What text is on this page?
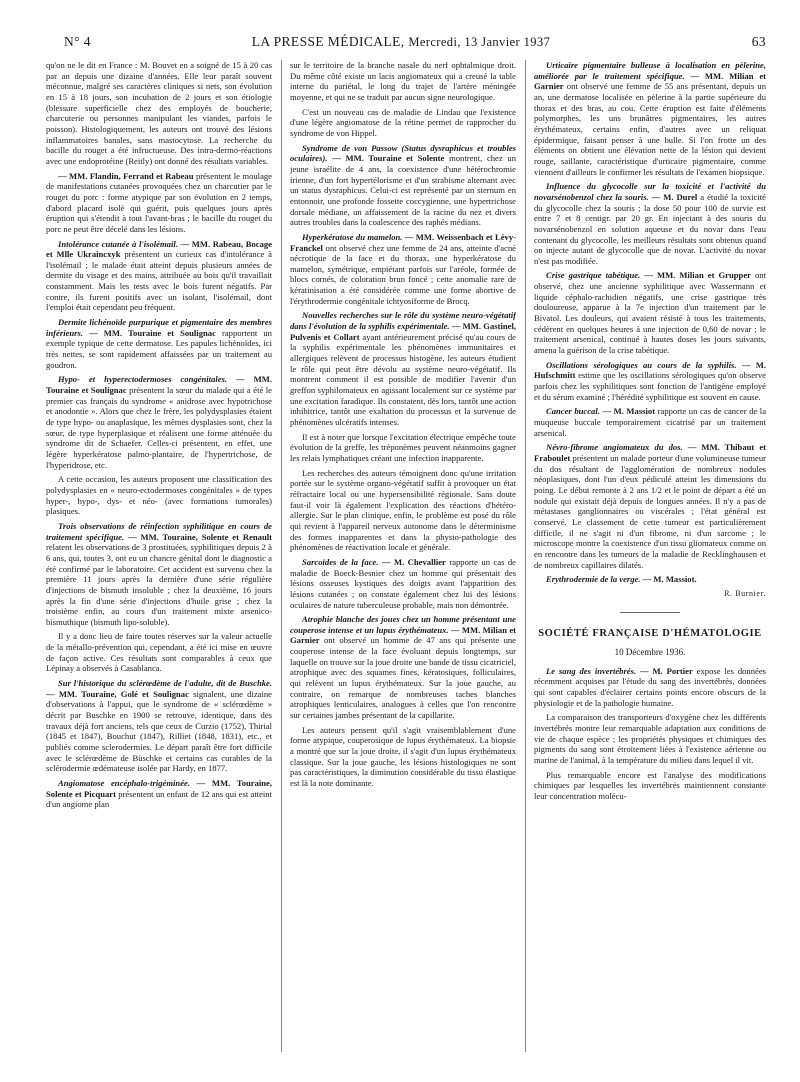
N° 4	LA PRESSE MÉDICALE, Mercredi, 13 Janvier 1937	63

qu'on ne le dit en France : M. Bouvet en a soigné de 15 à 20 cas par an depuis une dizaine d'années. Elle leur paraît souvent méconnue, malgré ses caractères cliniques si nets, son évolution en 15 à 18 jours, son incubation de 2 jours et son étiologie (blessure superficielle chez des employés de boucherie, charcuterie ou personnes manipulant les viandes, parfois le poisson). Histologiquement, les auteurs ont trouvé des lésions inflammatoires banales, sans mastocytose. La recherche du bacille du rouget a été infructueuse. Des intra-dermo-réactions avec une endoprotéine (Reitly) ont donné des résultats variables.

— MM. Flandin, Ferrand et Rabeau présentent le moulage de manifestations cutanées provoquées chez un charcutier par le rouget du porc : forme atypique par son évolution en 2 temps, d'abord placard isolé qui guérit, puis quelques jours après éruption qui s'étendit à tout l'avant-bras ; le bacille du rouget du porc ne peut être décelé dans les lésions.

Intolérance cutanée à l'isolémail. — MM. Rabeau, Bocage et Mlle Ukraincxyk présentent un curieux cas d'intolérance à l'isolémail ; le malade était atteint depuis plusieurs années de dermite du visage et des mains, attribuée au bois qu'il travaillait constamment. Mais les tests avec le bois furent négatifs. Par contre, ils furent positifs avec un isolant, l'isolémail, dont l'emploi était cependant peu fréquent.

Dermite lichénoïde purpurique et pigmentaire des membres inférieurs. — MM. Touraine et Soulignac rapportent un exemple typique de cette dermatose. Les papules lichénoïdes, ici très nettes, se sont rapidement affaissées par un traitement au goudron.

Hypo- et hyperectodermoses congénitales. — MM. Touraine et Soulignac présentent la sœur du malade qui a été le premier cas français du syndrome « anidrose avec hypotrichose et anodontie ». Alors que chez le frère, les polydysplasies étaient de type hypo- ou anaplasique, les mêmes dysplasies sont, chez la sœur, de type hyperplasique et réalisent une forme atténuée du syndrome dit de Schaefer. Celles-ci présentent, en effet, une légère hyperkératose palmo-plantaire, de l'hypertrichose, de l'hyperidrose, etc.

A cette occasion, les auteurs proposent une classification des polydysplasies en « neuro-ectodermoses congénitales » de types hyper-, hypo-, dys- et néo- (avec formations tumorales) plasiques.

Trois observations de réinfection syphilitique en cours de traitement spécifique. — MM. Touraine, Solente et Renault relatent les observations de 3 prostituées, syphilitiques depuis 2 à 6 ans, qui, toutes 3, ont eu un chancre génital dont le diagnostic a été confirmé par le laboratoire. Cet accident est survenu chez la première 11 jours après la dernière d'une série régulière d'injections de bismuth insoluble ; chez la deuxième, 16 jours après la fin d'une série d'injections d'huile grise ; chez la troisième enfin, au cours d'un traitement mixte arsenico-bismuthique (bismuth lipo-soluble).

Il y a donc lieu de faire toutes réserves sur la valeur actuelle de la métallo-prévention qui, cependant, a été ici mise en œuvre de façon active. Ces résultats sont comparables à ceux que Lépinay a observés à Casablanca.

Sur l'historique du sclérœdème de l'adulte, dit de Buschke. — MM. Touraine, Golé et Soulignac signalent, une dizaine d'observations à l'appui, que le syndrome de « sclérœdème » décrit par Buschke en 1900 se retrouve, identique, dans des travaux déjà fort anciens, tels que ceux de Curzio (1752), Thirial (1845 et 1847), Bouchut (1847), Rilliet (1848, 1831), etc., et publiés comme sclerodermies. Le départ paraît être fort difficile avec le sclérœdème de Büschke et certains cas curables de la sclérodermie œdémateuse isolée par Hardy, en 1877.

Angiomatose encéphalo-trigéminée. — MM. Touraine, Solente et Picquart présentent un enfant de 12 ans qui est atteint d'un angiome plan

sur le territoire de la branche nasale du nerf ophtalmique droit. Du même côté existe un lacis angiomateux qui a creusé la table interne du pariétal, le long du trajet de l'artère méningée moyenne, et qui ne se traduit par aucun signe neurologique.

C'est un nouveau cas de maladie de Lindau que l'existence d'une légère angiomatose de la rétine permet de rapprocher du syndrome de von Hippel.

Syndrome de von Passow (Status dysraphicus et troubles oculaires). — MM. Touraine et Solente montrent, chez un jeune israélite de 4 ans, la coexistence d'une hétérochromie irienne, d'un fort hypertélorisme et d'un strabisme alternant avec un status dysraphicus. Celui-ci est représenté par un sternum en entonnoir, une profonde fossette coccygienne, une hypertrichose dorsale médiane, un affaissement de la racine du nez et divers autres troubles dans la coalescence des raphés médians.

Hyperkératose du mamelon. — MM. Weissenbach et Lévy-Franckel ont observé chez une femme de 24 ans, atteinte d'acné nécrotique de la face et du thorax, une hyperkératose du mamelon, symétrique, empiétant parfois sur l'aréole, formée de blocs cornés, de coloration brun foncé ; cette anomalie rare de kératinisation a été considérée comme une forme abortive de l'érythrodermie congénitale ichtyosiforme de Brocq.

Nouvelles recherches sur le rôle du système neuro-végétatif dans l'évolution de la syphilis expérimentale. — MM. Gastinel, Pulvenis et Collart ayant antérieurement précisé qu'au cours de la syphilis expérimentale les phénomènes immunitaires et allergiques relèvent de processus histogène, les auteurs étudient le rôle qui peut être dévolu au système neuro-végétatif. Ils montrent comment il est possible de modifier l'avenir d'un greffon syphilomateux en agissant localement sur ce système par une excitation faradique. Ils constatent, dès lors, tantôt une action inhibitrice, tantôt une exaltation du processus et la survenue de phénomènes ulcératifs intenses.

Il est à noter que lorsque l'excitation électrique empêche toute évolution de la greffe, les tréponèmes peuvent néanmoins gagner les relais lymphatiques créant une infection inapparente.

Les recherches des auteurs témoignent donc qu'une irritation portée sur le système organo-végétatif suffit à provoquer un état réfractaire local ou une hypersensibilité régionale. Sans doute faut-il voir là également l'explication des réactions d'hétéro-allergie. Sur le plan clinique, enfin, le problème est posé du rôle qui revient à l'appareil nerveux autonome dans le déterminisme des formes inapparentes et dans la physio-pathologie des phénomènes de réactivation locale et générale.

Sarcoïdes de la face. — M. Chevallier rapporte un cas de maladie de Boeck-Besnier chez un homme qui présentait des lésions osseuses kystiques des doigts avant l'apparition des lésions cutanées ; on constate également chez lui des lésions oculaires de nature tuberculeuse probable, mais non démontrée.

Atrophie blanche des joues chez un homme présentant une couperose intense et un lupus érythémateux. — MM. Milian et Garnier ont observé un homme de 47 ans qui présente une couperose intense de la face évoluant depuis longtemps, sur laquelle on trouve sur la joue droite une bande de tissu cicatriciel, atrophique avec des squames fines, kératosiques, folliculaires, qui relèvent un lupus érythémateux. Sur la joue gauche, au contraire, on remarque de nombreuses taches blanches atrophiques lenticulaires, analogues à celles que l'on rencontre sur certaines jambes présentant de la capillarite.

Les auteurs pensent qu'il s'agit vraisemblablement d'une forme atypique, couperosique de lupus érythémateux. La biopsie a montré que sur la joue droite, il s'agit d'un lupus érythémateux classique. Sur la joue gauche, les lésions histologiques ne sont pas caractéristiques, la diminution considérable du tissu élastique est là la note dominante.

Urticaire pigmentaire bulleuse à localisation en pèlerine, améliorée par le traitement spécifique. — MM. Milian et Garnier ont observé une femme de 55 ans présentant, depuis un an, une dermatose localisée en pèlerine à la partie supérieure du thorax et des bras, au cou. Cette éruption est faite d'éléments polymorphes, les uns brunâtres pigmentaires, les autres érythémateux, certains enfin, d'autres avec un reliquat épidermique, faisant penser à une bulle. Si l'on frotte un des éléments on obtient une élévation nette de la lésion qui devient rouge, saillante, caractéristique d'urticaire pigmentaire, comme viennent d'ailleurs le confirmer les résultats de l'examen biopsique.

Influence du glycocolle sur la toxicité et l'activité du novarsénobenzol chez la souris. — M. Durel a étudié la toxicité du glycocolle chez la souris ; la dose 50 pour 100 de survie est entre 7 et 8 centigr. par 20 gr. En injectant à des souris du novarsénobenzol en solution aqueuse et du novar dans l'eau contenant du glycocolle, les meilleurs résultats sont obtenus quand on injecte autant de glycocolle que de novar. L'activité du novar n'est pas modifiée.

Crise gastrique tabétique. — MM. Milian et Grupper ont observé, chez une ancienne syphilitique avec Wassermann et liquide céphalo-rachidien négatifs, une crise gastrique très douloureuse, apparue à la 7e injection d'un traitement par le Bivatol. Les douleurs, qui avaient résisté à tous les traitements, cédèrent en quelques heures à une injection de 0,60 de novar ; le traitement arsenical, continué à hautes doses les jours suivants, amena la guérison de la crise tabétique.

Oscillations sérologiques au cours de la syphilis. — M. Hufschmitt estime que les oscillations sérologiques qu'on observe parfois chez les syphilitiques sont fonction de l'antigène employé et du sérum examiné ; l'hérédité syphilitique est souvent en cause.

Cancer buccal. — M. Massiot rapporte un cas de cancer de la muqueuse buccale temporairement cicatrisé par un traitement arsenical.

Névro-fibrome angiomateux du dos. — MM. Thibaut et Fraboulet présentent un malade porteur d'une volumineuse tumeur du dos résultant de l'agglomération de nombreux nodules néoplasiques, dont l'un d'eux pédiculé atteint les dimensions du poing. Le début remonte à 2 ans 1/2 et le point de départ a été un nodule qui existait déjà depuis de longues années. Il n'y a pas de métastases ganglionnaires ou viscérales ; l'état général est conservé. Le classement de cette tumeur est particulièrement difficile, il ne s'agit ni d'un fibrome, ni d'un sarcome ; le microscope montre la coexistence d'un tissu gliomateux comme on en rencontre dans les tumeurs de la maladie de Recklinghausen et de nombreux capillaires dilatés.

Erythrodermie de la verge. — M. Massiot.

R. Burnier.

SOCIÉTÉ FRANÇAISE D'HÉMATOLOGIE

10 Décembre 1936.

Le sang des invertébrés. — M. Portier expose les données récemment acquises par l'étude du sang des invertébrés, données qui sont capables d'éclairer certains points encore obscurs de la physiologie et de la pathologie humaine.

La comparaison des transporteurs d'oxygène chez les différents invertébrés montre leur remarquable adaptation aux conditions de vie de chaque espèce ; les propriétés physiques et chimiques des pigments du sang sont étroitement liées à l'existence aérienne ou marine de l'animal, à la température du milieu dans lequel il vit.

Plus remarquable encore est l'analyse des modifications chimiques par lesquelles les invertébrés maintiennent constante leur concentration molécu-
